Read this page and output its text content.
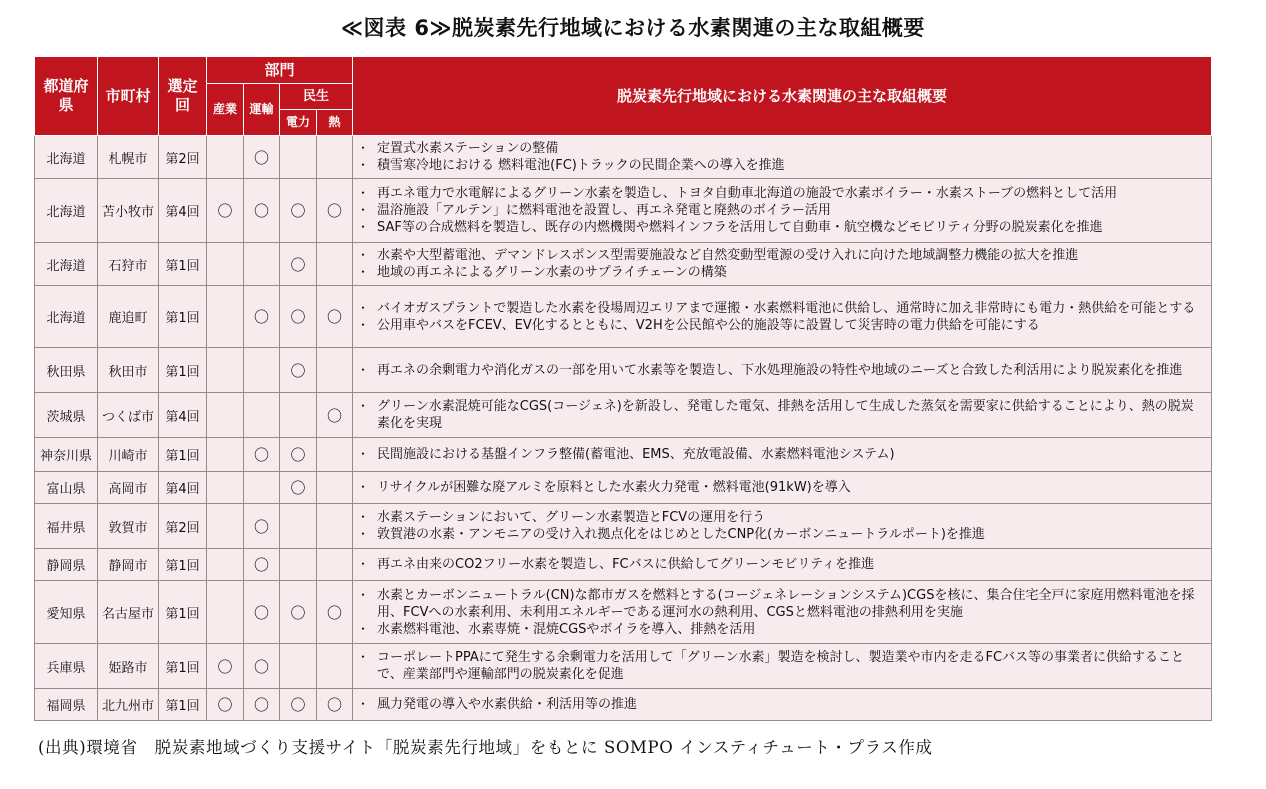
≪図表 6≫脱炭素先行地域における水素関連の主な取組概要
都道府県	市町村	選定回	部門				脱炭素先行地域における水素関連の主な取組概要
			産業	運輸	民生		
					電力	熱	
北海道	札幌市	第2回		〇			・ 定置式水素ステーションの整備
・ 積雪寒冷地における 燃料電池(FC)トラックの民間企業への導入を推進

北海道	苫小牧市	第4回	〇	〇	〇	〇	・ 再エネ電力で水電解によるグリーン水素を製造し、トヨタ自動車北海道の施設で水素ボイラー・水素ストーブの燃料として活用
・ 温浴施設「アルテン」に燃料電池を設置し、再エネ発電と廃熱のボイラー活用
・ SAF等の合成燃料を製造し、既存の内燃機関や燃料インフラを活用して自動車・航空機などモビリティ分野の脱炭素化を推進

北海道	石狩市	第1回			〇		・ 水素や大型蓄電池、デマンドレスポンス型需要施設など自然変動型電源の受け入れに向けた地域調整力機能の拡大を推進
・ 地域の再エネによるグリーン水素のサプライチェーンの構築

北海道	鹿追町	第1回		〇	〇	〇	・ バイオガスプラントで製造した水素を役場周辺エリアまで運搬・水素燃料電池に供給し、通常時に加え非常時にも電力・熱供給を可能とする
・ 公用車やバスをFCEV、EV化するとともに、V2Hを公民館や公的施設等に設置して災害時の電力供給を可能にする

秋田県	秋田市	第1回			〇		・ 再エネの余剰電力や消化ガスの一部を用いて水素等を製造し、下水処理施設の特性や地域のニーズと合致した利活用により脱炭素化を推進

茨城県	つくば市	第4回				〇	・ グリーン水素混焼可能なCGS(コージェネ)を新設し、発電した電気、排熱を活用して生成した蒸気を需要家に供給することにより、熱の脱炭素化を実現

神奈川県	川崎市	第1回		〇	〇		・ 民間施設における基盤インフラ整備(蓄電池、EMS、充放電設備、水素燃料電池システム)

富山県	高岡市	第4回			〇		・ リサイクルが困難な廃アルミを原料とした水素火力発電・燃料電池(91kW)を導入

福井県	敦賀市	第2回		〇			・ 水素ステーションにおいて、グリーン水素製造とFCVの運用を行う
・ 敦賀港の水素・アンモニアの受け入れ拠点化をはじめとしたCNP化(カーボンニュートラルポート)を推進

静岡県	静岡市	第1回		〇			・ 再エネ由来のCO2フリー水素を製造し、FCバスに供給してグリーンモビリティを推進

愛知県	名古屋市	第1回		〇	〇	〇	・ 水素とカーボンニュートラル(CN)な都市ガスを燃料とする(コージェネレーションシステム)CGSを核に、集合住宅全戸に家庭用燃料電池を採用、FCVへの水素利用、未利用エネルギーである運河水の熱利用、CGSと燃料電池の排熱利用を実施
・ 水素燃料電池、水素専焼・混焼CGSやボイラを導入、排熱を活用

兵庫県	姫路市	第1回	〇	〇			・ コーポレートPPAにて発生する余剰電力を活用して「グリーン水素」製造を検討し、製造業や市内を走るFCバス等の事業者に供給することで、産業部門や運輸部門の脱炭素化を促進

福岡県	北九州市	第1回	〇	〇	〇	〇	・ 風力発電の導入や水素供給・利活用等の推進
(出典)環境省　脱炭素地域づくり支援サイト「脱炭素先行地域」をもとに SOMPO インスティチュート・プラス作成
